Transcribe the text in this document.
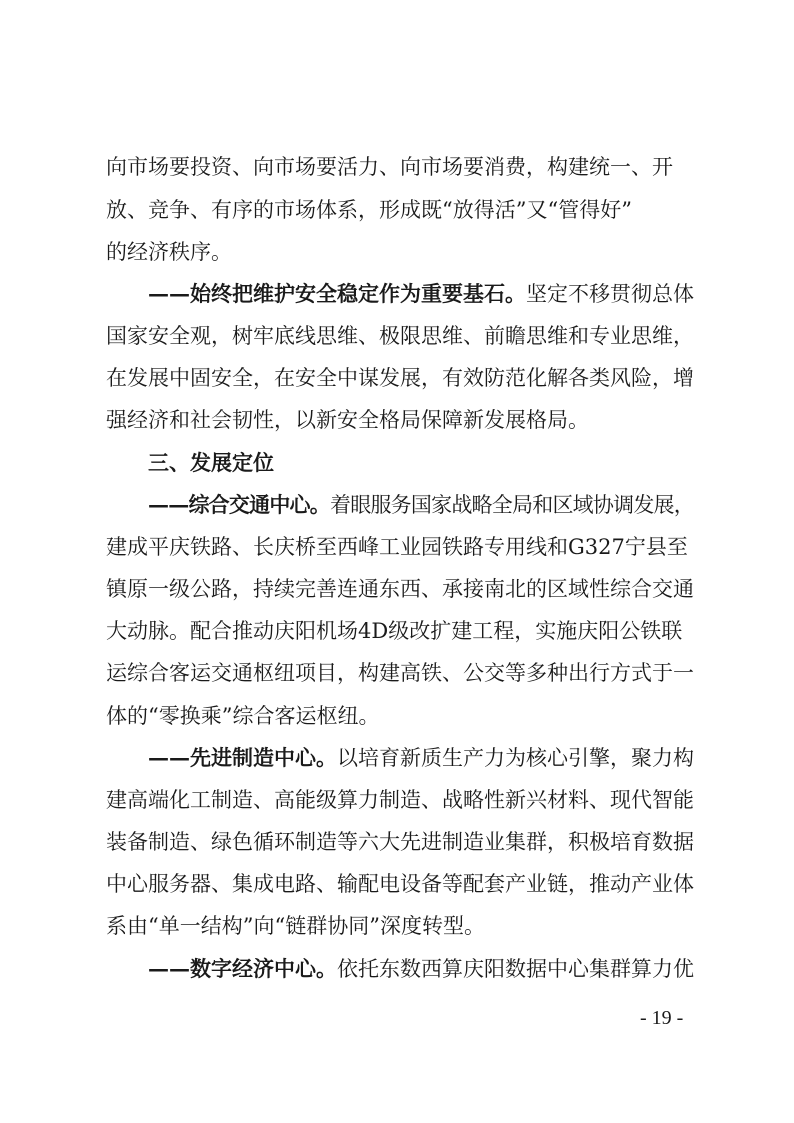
向市场要投资、向市场要活力、向市场要消费，构建统一、开
放、竞争、有序的市场体系，形成既“放得活”又“管得好”
的经济秩序。
——始终把维护安全稳定作为重要基石。 坚定不移贯彻总体
国家安全观，树牢底线思维、极限思维、前瞻思维和专业思维，
在发展中固安全，在安全中谋发展，有效防范化解各类风险，增
强经济和社会韧性，以新安全格局保障新发展格局。
三、发展定位
——综合交通中心。 着眼服务国家战略全局和区域协调发展，
建成平庆铁路、长庆桥至西峰工业园铁路专用线和G327宁县至
镇原一级公路，持续完善连通东西、承接南北的区域性综合交通
大动脉。配合推动庆阳机场4D级改扩建工程，实施庆阳公铁联
运综合客运交通枢纽项目，构建高铁、公交等多种出行方式于一
体的“零换乘”综合客运枢纽。
——先进制造中心。 以培育新质生产力为核心引擎，聚力构
建高端化工制造、高能级算力制造、战略性新兴材料、现代智能
装备制造、绿色循环制造等六大先进制造业集群，积极培育数据
中心服务器、集成电路、输配电设备等配套产业链，推动产业体
系由“单一结构”向“链群协同”深度转型。
——数字经济中心。 依托东数西算庆阳数据中心集群算力优
- 19 -
